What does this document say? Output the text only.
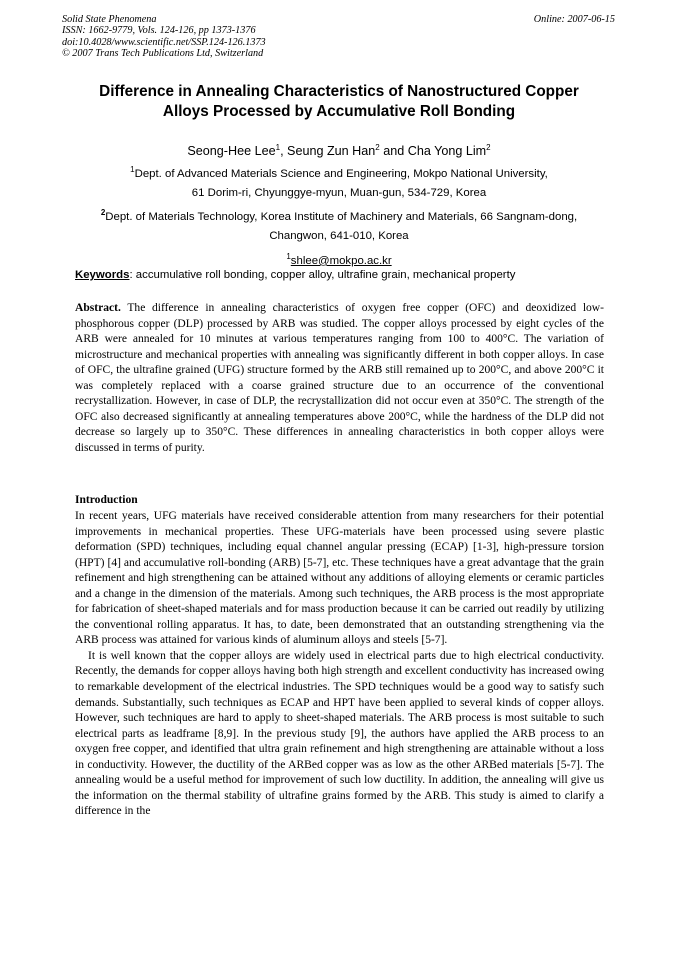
Solid State Phenomena
ISSN: 1662-9779, Vols. 124-126, pp 1373-1376
doi:10.4028/www.scientific.net/SSP.124-126.1373
© 2007 Trans Tech Publications Ltd, Switzerland
Online: 2007-06-15
Difference in Annealing Characteristics of Nanostructured Copper
Alloys Processed by Accumulative Roll Bonding
Seong-Hee Lee$^1$, Seung Zun Han$^2$ and Cha Yong Lim$^2$
$^1$Dept. of Advanced Materials Science and Engineering, Mokpo National University,
61 Dorim-ri, Chyunggye-myun, Muan-gun, 534-729, Korea
$^2$Dept. of Materials Technology, Korea Institute of Machinery and Materials, 66 Sangnam-dong,
Changwon, 641-010, Korea
$^1$shlee@mokpo.ac.kr
Keywords: accumulative roll bonding, copper alloy, ultrafine grain, mechanical property
Abstract. The difference in annealing characteristics of oxygen free copper (OFC) and deoxidized low-phosphorous copper (DLP) processed by ARB was studied. The copper alloys processed by eight cycles of the ARB were annealed for 10 minutes at various temperatures ranging from 100 to 400°C. The variation of microstructure and mechanical properties with annealing was significantly different in both copper alloys. In case of OFC, the ultrafine grained (UFG) structure formed by the ARB still remained up to 200°C, and above 200°C it was completely replaced with a coarse grained structure due to an occurrence of the conventional recrystallization. However, in case of DLP, the recrystallization did not occur even at 350°C. The strength of the OFC also decreased significantly at annealing temperatures above 200°C, while the hardness of the DLP did not decrease so largely up to 350°C. These differences in annealing characteristics in both copper alloys were discussed in terms of purity.
Introduction

In recent years, UFG materials have received considerable attention from many researchers for their potential improvements in mechanical properties. These UFG-materials have been processed using severe plastic deformation (SPD) techniques, including equal channel angular pressing (ECAP) [1-3], high-pressure torsion (HPT) [4] and accumulative roll-bonding (ARB) [5-7], etc. These techniques have a great advantage that the grain refinement and high strengthening can be attained without any additions of alloying elements or ceramic particles and a change in the dimension of the materials. Among such techniques, the ARB process is the most appropriate for fabrication of sheet-shaped materials and for mass production because it can be carried out readily by utilizing the conventional rolling apparatus. It has, to date, been demonstrated that an outstanding strengthening via the ARB process was attained for various kinds of aluminum alloys and steels [5-7].

It is well known that the copper alloys are widely used in electrical parts due to high electrical conductivity. Recently, the demands for copper alloys having both high strength and excellent conductivity has increased owing to remarkable development of the electrical industries. The SPD techniques would be a good way to satisfy such demands. Substantially, such techniques as ECAP and HPT have been applied to several kinds of copper alloys. However, such techniques are hard to apply to sheet-shaped materials. The ARB process is most suitable to such electrical parts as leadframe [8,9]. In the previous study [9], the authors have applied the ARB process to an oxygen free copper, and identified that ultra grain refinement and high strengthening are attainable without a loss in conductivity. However, the ductility of the ARBed copper was as low as the other ARBed materials [5-7]. The annealing would be a useful method for improvement of such low ductility. In addition, the annealing will give us the information on the thermal stability of ultrafine grains formed by the ARB. This study is aimed to clarify a difference in the
